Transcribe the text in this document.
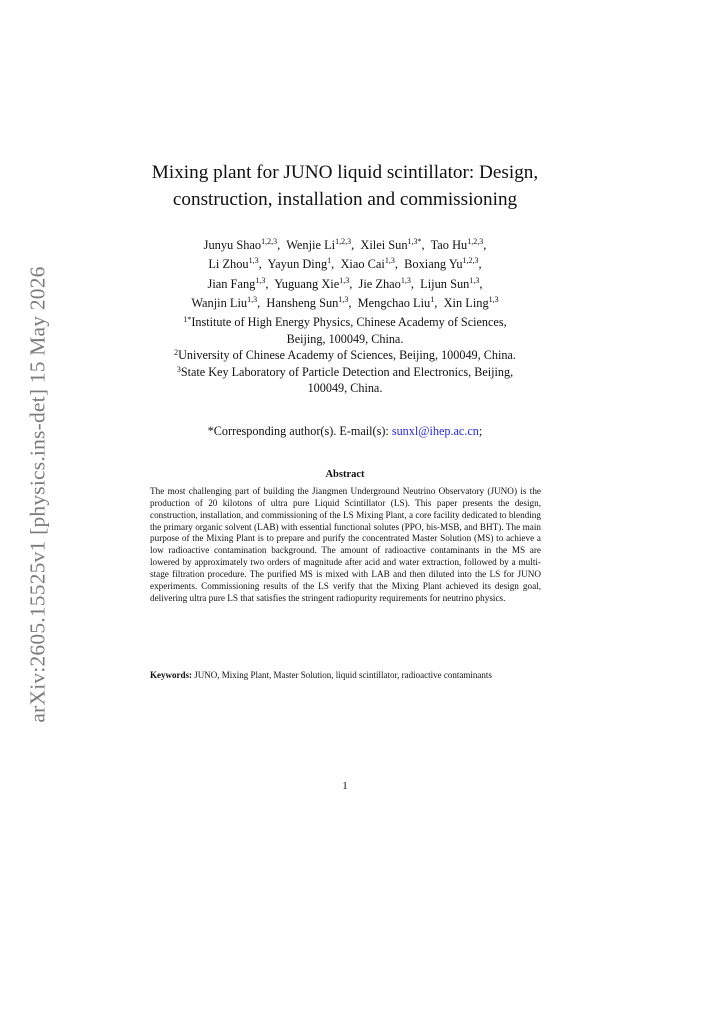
arXiv:2605.15525v1 [physics.ins-det] 15 May 2026
Mixing plant for JUNO liquid scintillator: Design,
construction, installation and commissioning
Junyu Shao$^{1,2,3}$,  Wenjie Li$^{1,2,3}$,  Xilei Sun$^{1,3*}$,  Tao Hu$^{1,2,3}$,
Li Zhou$^{1,3}$,  Yayun Ding$^1$,  Xiao Cai$^{1,3}$,  Boxiang Yu$^{1,2,3}$,
Jian Fang$^{1,3}$,  Yuguang Xie$^{1,3}$,  Jie Zhao$^{1,3}$,  Lijun Sun$^{1,3}$,
Wanjin Liu$^{1,3}$,  Hansheng Sun$^{1,3}$,  Mengchao Liu$^1$,  Xin Ling$^{1,3}$
$^{1*}$Institute of High Energy Physics, Chinese Academy of Sciences,
Beijing, 100049, China.
$^2$University of Chinese Academy of Sciences, Beijing, 100049, China.
$^3$State Key Laboratory of Particle Detection and Electronics, Beijing,
100049, China.
*Corresponding author(s). E-mail(s): sunxl@ihep.ac.cn;
Abstract
The most challenging part of building the Jiangmen Underground Neutrino Observatory (JUNO) is the production of 20 kilotons of ultra pure Liquid Scintillator (LS). This paper presents the design, construction, installation, and commissioning of the LS Mixing Plant, a core facility dedicated to blending the primary organic solvent (LAB) with essential functional solutes (PPO, bis-MSB, and BHT). The main purpose of the Mixing Plant is to prepare and purify the concentrated Master Solution (MS) to achieve a low radioactive contamination background. The amount of radioactive contaminants in the MS are lowered by approximately two orders of magnitude after acid and water extraction, followed by a multi-stage filtration procedure. The purified MS is mixed with LAB and then diluted into the LS for JUNO experiments. Commissioning results of the LS verify that the Mixing Plant achieved its design goal, delivering ultra pure LS that satisfies the stringent radiopurity requirements for neutrino physics.
Keywords: JUNO, Mixing Plant, Master Solution, liquid scintillator, radioactive contaminants
1
